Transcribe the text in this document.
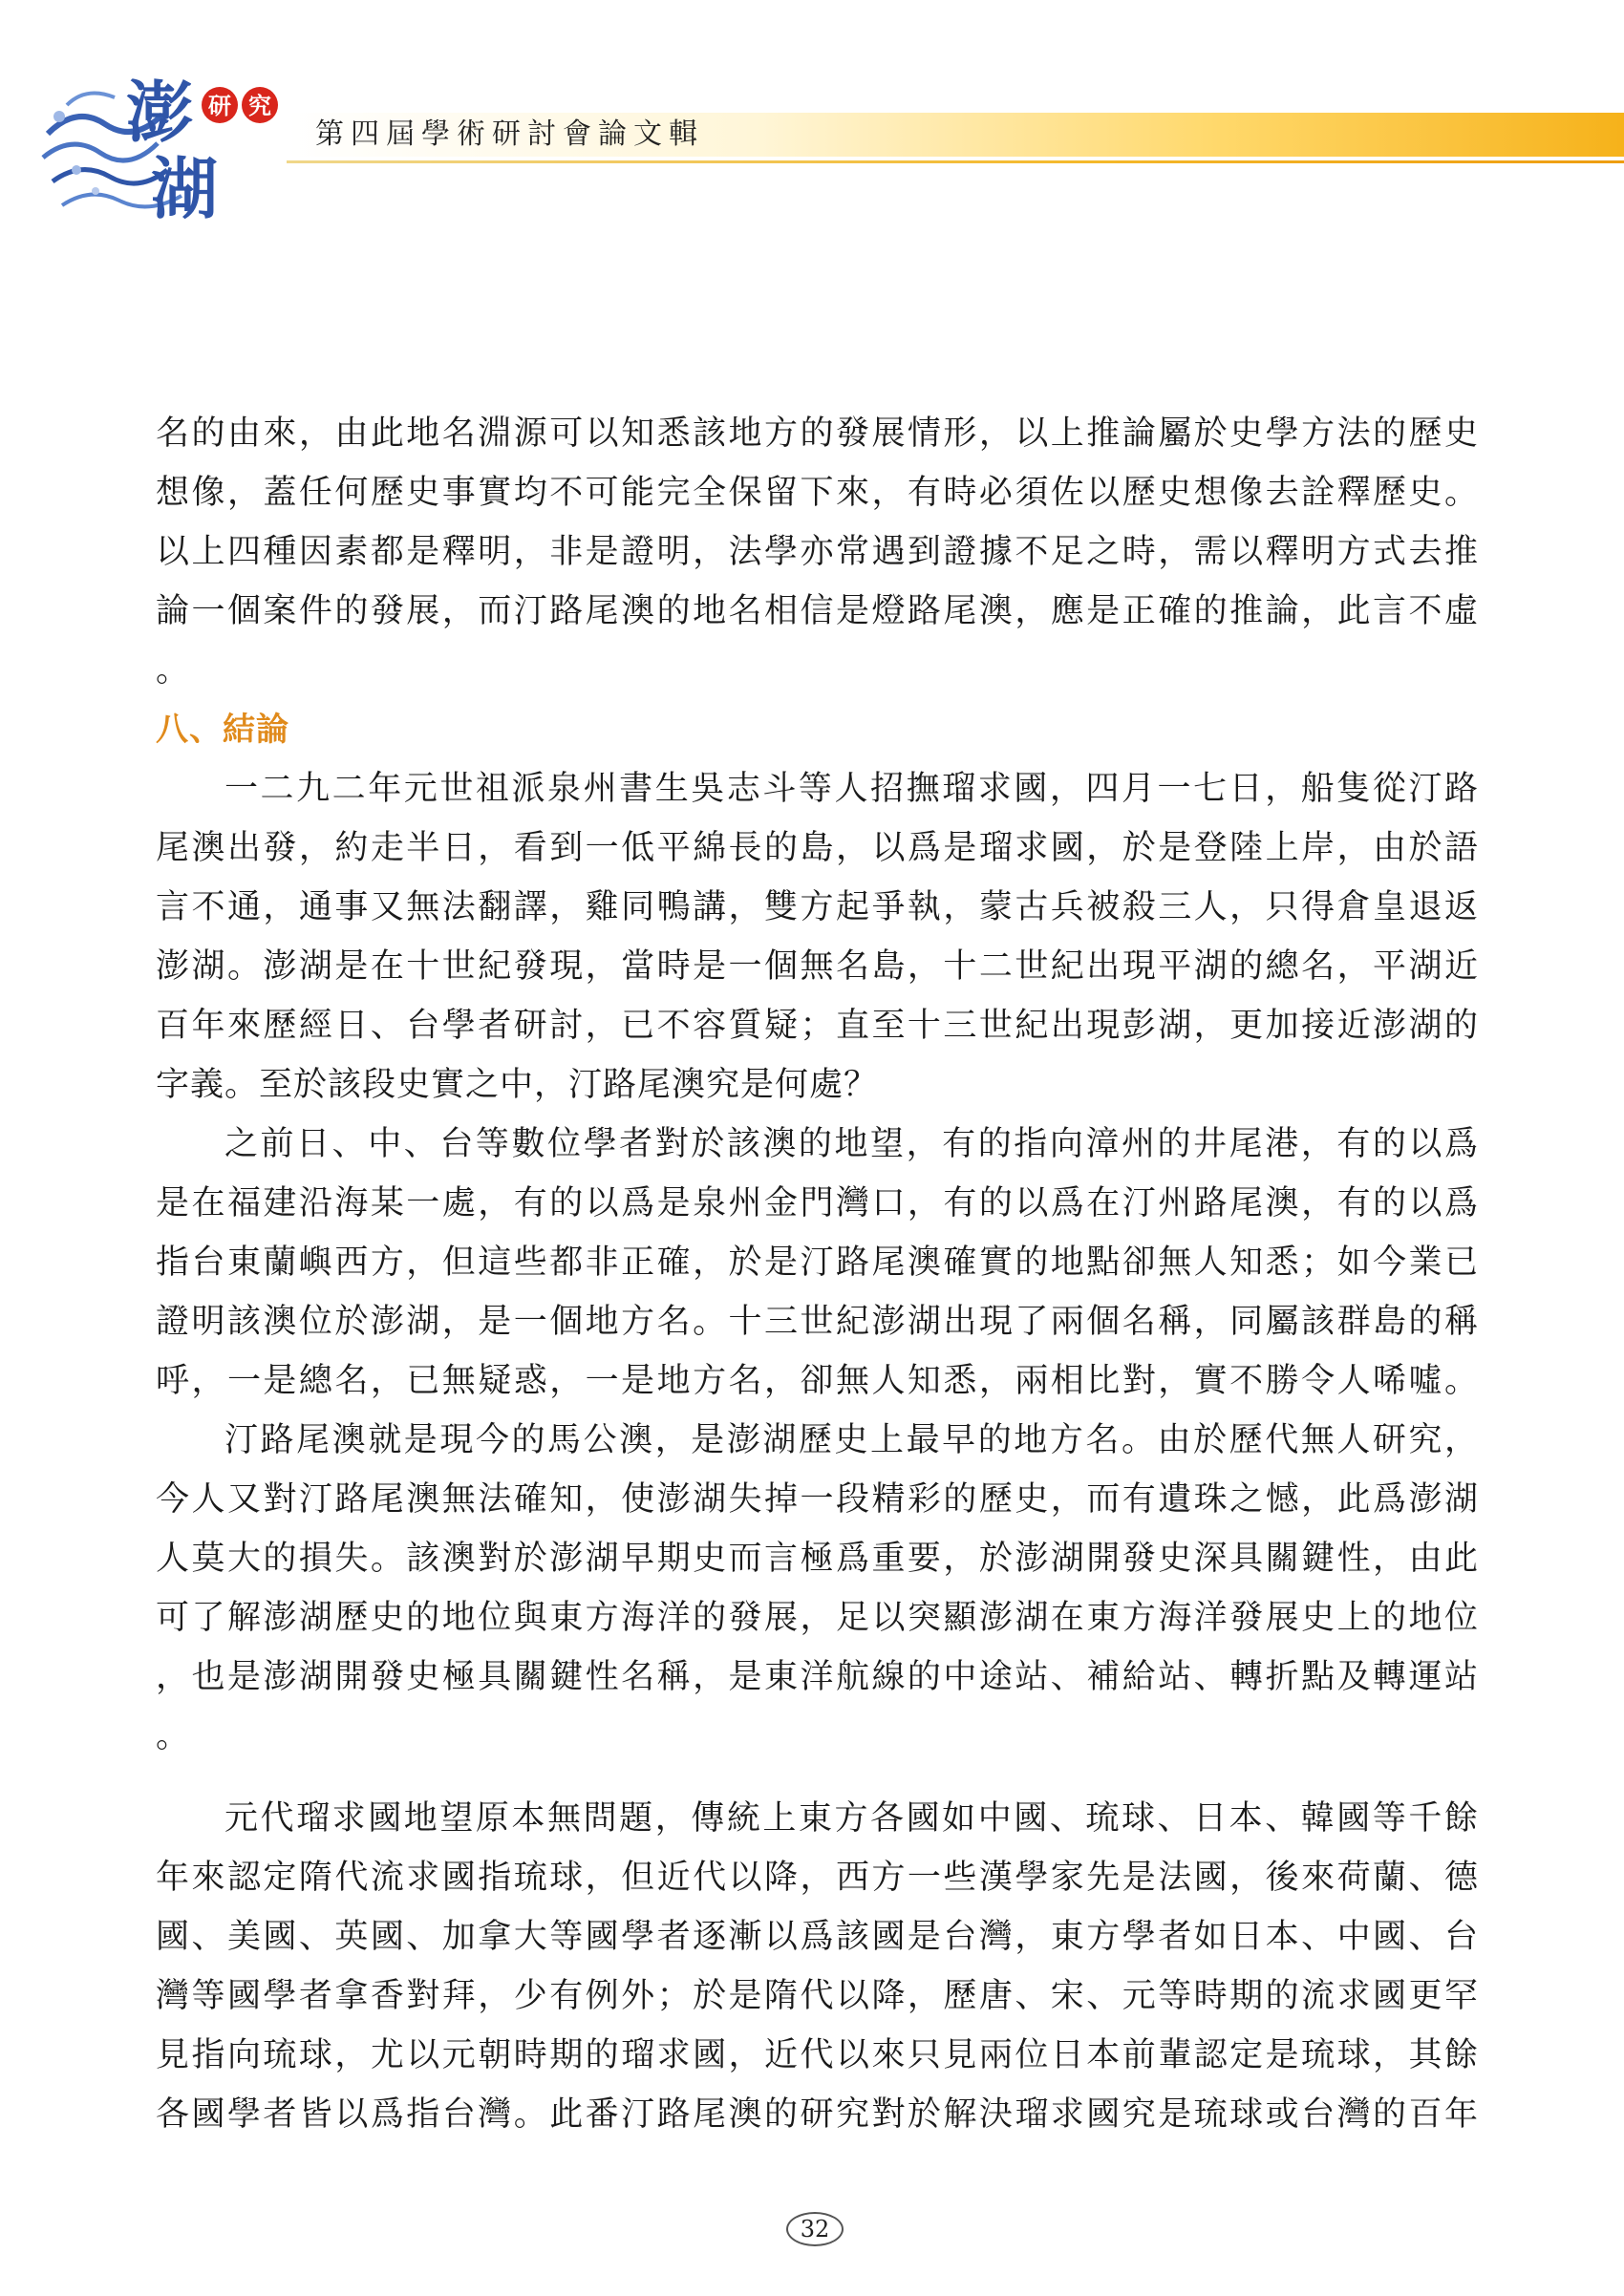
澎
湖
研 究
第四屆學術研討會論文輯
名的由來，由此地名淵源可以知悉該地方的發展情形，以上推論屬於史學方法的歷史
想像，蓋任何歷史事實均不可能完全保留下來，有時必須佐以歷史想像去詮釋歷史。
以上四種因素都是釋明，非是證明，法學亦常遇到證據不足之時，需以釋明方式去推
論一個案件的發展，而汀路尾澳的地名相信是燈路尾澳，應是正確的推論，此言不虛
。
八、結論
一二九二年元世祖派泉州書生吳志斗等人招撫瑠求國，四月一七日，船隻從汀路
尾澳出發，約走半日，看到一低平綿長的島，以爲是瑠求國，於是登陸上岸，由於語
言不通，通事又無法翻譯，雞同鴨講，雙方起爭執，蒙古兵被殺三人，只得倉皇退返
澎湖。澎湖是在十世紀發現，當時是一個無名島，十二世紀出現平湖的總名，平湖近
百年來歷經日、台學者研討，已不容質疑；直至十三世紀出現彭湖，更加接近澎湖的
字義。至於該段史實之中，汀路尾澳究是何處？
之前日、中、台等數位學者對於該澳的地望，有的指向漳州的井尾港，有的以爲
是在福建沿海某一處，有的以爲是泉州金門灣口，有的以爲在汀州路尾澳，有的以爲
指台東蘭嶼西方，但這些都非正確，於是汀路尾澳確實的地點卻無人知悉；如今業已
證明該澳位於澎湖，是一個地方名。十三世紀澎湖出現了兩個名稱，同屬該群島的稱
呼，一是總名，已無疑惑，一是地方名，卻無人知悉，兩相比對，實不勝令人唏噓。
汀路尾澳就是現今的馬公澳，是澎湖歷史上最早的地方名。由於歷代無人研究，
今人又對汀路尾澳無法確知，使澎湖失掉一段精彩的歷史，而有遺珠之憾，此爲澎湖
人莫大的損失。該澳對於澎湖早期史而言極爲重要，於澎湖開發史深具關鍵性，由此
可了解澎湖歷史的地位與東方海洋的發展，足以突顯澎湖在東方海洋發展史上的地位
，也是澎湖開發史極具關鍵性名稱，是東洋航線的中途站、補給站、轉折點及轉運站
。
元代瑠求國地望原本無問題，傳統上東方各國如中國、琉球、日本、韓國等千餘
年來認定隋代流求國指琉球，但近代以降，西方一些漢學家先是法國，後來荷蘭、德
國、美國、英國、加拿大等國學者逐漸以爲該國是台灣，東方學者如日本、中國、台
灣等國學者拿香對拜，少有例外；於是隋代以降，歷唐、宋、元等時期的流求國更罕
見指向琉球，尤以元朝時期的瑠求國，近代以來只見兩位日本前輩認定是琉球，其餘
各國學者皆以爲指台灣。此番汀路尾澳的研究對於解決瑠求國究是琉球或台灣的百年
32
